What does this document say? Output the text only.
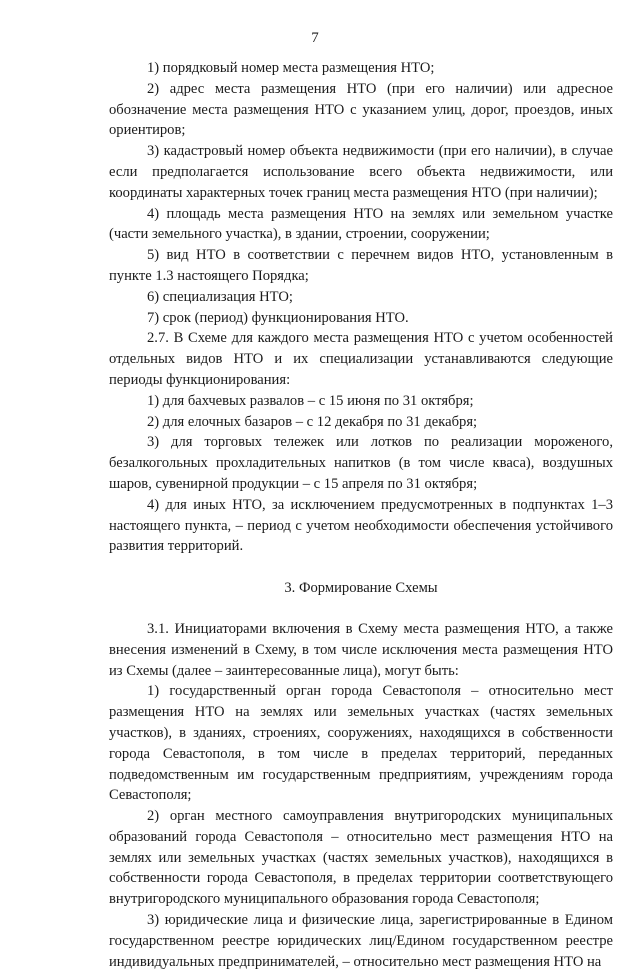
7

1) порядковый номер места размещения НТО;

2) адрес места размещения НТО (при его наличии) или адресное обозначение места размещения НТО с указанием улиц, дорог, проездов, иных ориентиров;

3) кадастровый номер объекта недвижимости (при его наличии), в случае если предполагается использование всего объекта недвижимости, или координаты характерных точек границ места размещения НТО (при наличии);

4) площадь места размещения НТО на землях или земельном участке (части земельного участка), в здании, строении, сооружении;

5) вид НТО в соответствии с перечнем видов НТО, установленным в пункте 1.3 настоящего Порядка;

6) специализация НТО;

7) срок (период) функционирования НТО.

2.7. В Схеме для каждого места размещения НТО с учетом особенностей отдельных видов НТО и их специализации устанавливаются следующие периоды функционирования:

1) для бахчевых развалов – с 15 июня по 31 октября;

2) для елочных базаров – с 12 декабря по 31 декабря;

3) для торговых тележек или лотков по реализации мороженого, безалкогольных прохладительных напитков (в том числе кваса), воздушных шаров, сувенирной продукции – с 15 апреля по 31 октября;

4) для иных НТО, за исключением предусмотренных в подпунктах 1–3 настоящего пункта, – период с учетом необходимости обеспечения устойчивого развития территорий.

3. Формирование Схемы

3.1. Инициаторами включения в Схему места размещения НТО, а также внесения изменений в Схему, в том числе исключения места размещения НТО из Схемы (далее – заинтересованные лица), могут быть:

1) государственный орган города Севастополя – относительно мест размещения НТО на землях или земельных участках (частях земельных участков), в зданиях, строениях, сооружениях, находящихся в собственности города Севастополя, в том числе в пределах территорий, переданных подведомственным им государственным предприятиям, учреждениям города Севастополя;

2) орган местного самоуправления внутригородских муниципальных образований города Севастополя – относительно мест размещения НТО на землях или земельных участках (частях земельных участков), находящихся в собственности города Севастополя, в пределах территории соответствующего внутригородского муниципального образования города Севастополя;

3) юридические лица и физические лица, зарегистрированные в Едином государственном реестре юридических лиц/Едином государственном реестре индивидуальных предпринимателей, – относительно мест размещения НТО на
